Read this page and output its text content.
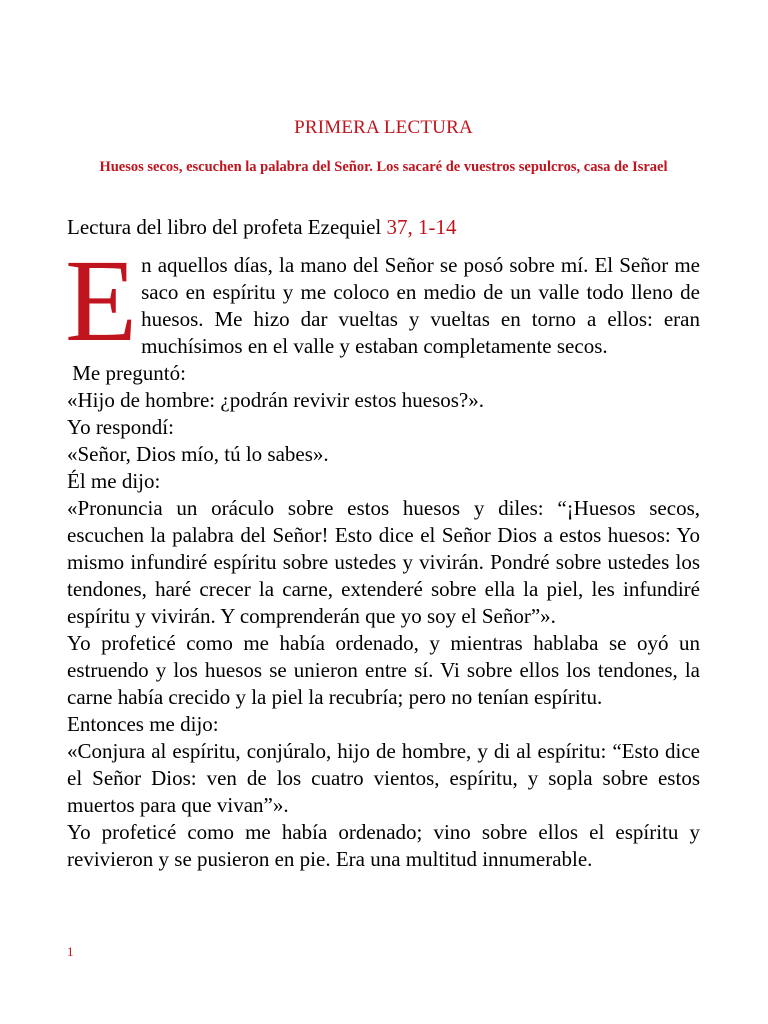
PRIMERA LECTURA
Huesos secos, escuchen la palabra del Señor. Los sacaré de vuestros sepulcros, casa de Israel
Lectura del libro del profeta Ezequiel 37, 1-14

En aquellos días, la mano del Señor se posó sobre mí. El Señor me saco en espíritu y me coloco en medio de un valle todo lleno de huesos. Me hizo dar vueltas y vueltas en torno a ellos: eran muchísimos en el valle y estaban completamente secos.

Me preguntó:

«Hijo de hombre: ¿podrán revivir estos huesos?».

Yo respondí:

«Señor, Dios mío, tú lo sabes».

Él me dijo:

«Pronuncia un oráculo sobre estos huesos y diles: “¡Huesos secos, escuchen la palabra del Señor! Esto dice el Señor Dios a estos huesos: Yo mismo infundiré espíritu sobre ustedes y vivirán. Pondré sobre ustedes los tendones, haré crecer la carne, extenderé sobre ella la piel, les infundiré espíritu y vivirán. Y comprenderán que yo soy el Señor”».

Yo profeticé como me había ordenado, y mientras hablaba se oyó un estruendo y los huesos se unieron entre sí. Vi sobre ellos los tendones, la carne había crecido y la piel la recubría; pero no tenían espíritu.

Entonces me dijo:

«Conjura al espíritu, conjúralo, hijo de hombre, y di al espíritu: “Esto dice el Señor Dios: ven de los cuatro vientos, espíritu, y sopla sobre estos muertos para que vivan”».

Yo profeticé como me había ordenado; vino sobre ellos el espíritu y revivieron y se pusieron en pie. Era una multitud innumerable.

1
